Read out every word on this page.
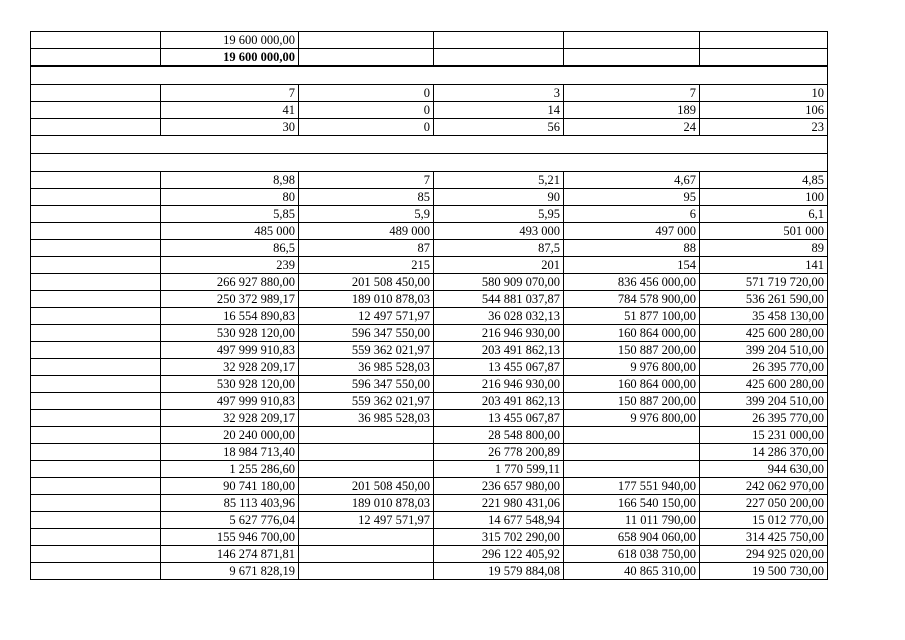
	19 600 000,00				
	19 600 000,00				

	7	0	3	7	10
	41	0	14	189	106
	30	0	56	24	23

	8,98	7	5,21	4,67	4,85
	80	85	90	95	100
	5,85	5,9	5,95	6	6,1
	485 000	489 000	493 000	497 000	501 000
	86,5	87	87,5	88	89
	239	215	201	154	141
	266 927 880,00	201 508 450,00	580 909 070,00	836 456 000,00	571 719 720,00
	250 372 989,17	189 010 878,03	544 881 037,87	784 578 900,00	536 261 590,00
	16 554 890,83	12 497 571,97	36 028 032,13	51 877 100,00	35 458 130,00
	530 928 120,00	596 347 550,00	216 946 930,00	160 864 000,00	425 600 280,00
	497 999 910,83	559 362 021,97	203 491 862,13	150 887 200,00	399 204 510,00
	32 928 209,17	36 985 528,03	13 455 067,87	9 976 800,00	26 395 770,00
	530 928 120,00	596 347 550,00	216 946 930,00	160 864 000,00	425 600 280,00
	497 999 910,83	559 362 021,97	203 491 862,13	150 887 200,00	399 204 510,00
	32 928 209,17	36 985 528,03	13 455 067,87	9 976 800,00	26 395 770,00
	20 240 000,00		28 548 800,00		15 231 000,00
	18 984 713,40		26 778 200,89		14 286 370,00
	1 255 286,60		1 770 599,11		944 630,00
	90 741 180,00	201 508 450,00	236 657 980,00	177 551 940,00	242 062 970,00
	85 113 403,96	189 010 878,03	221 980 431,06	166 540 150,00	227 050 200,00
	5 627 776,04	12 497 571,97	14 677 548,94	11 011 790,00	15 012 770,00
	155 946 700,00		315 702 290,00	658 904 060,00	314 425 750,00
	146 274 871,81		296 122 405,92	618 038 750,00	294 925 020,00
	9 671 828,19		19 579 884,08	40 865 310,00	19 500 730,00
